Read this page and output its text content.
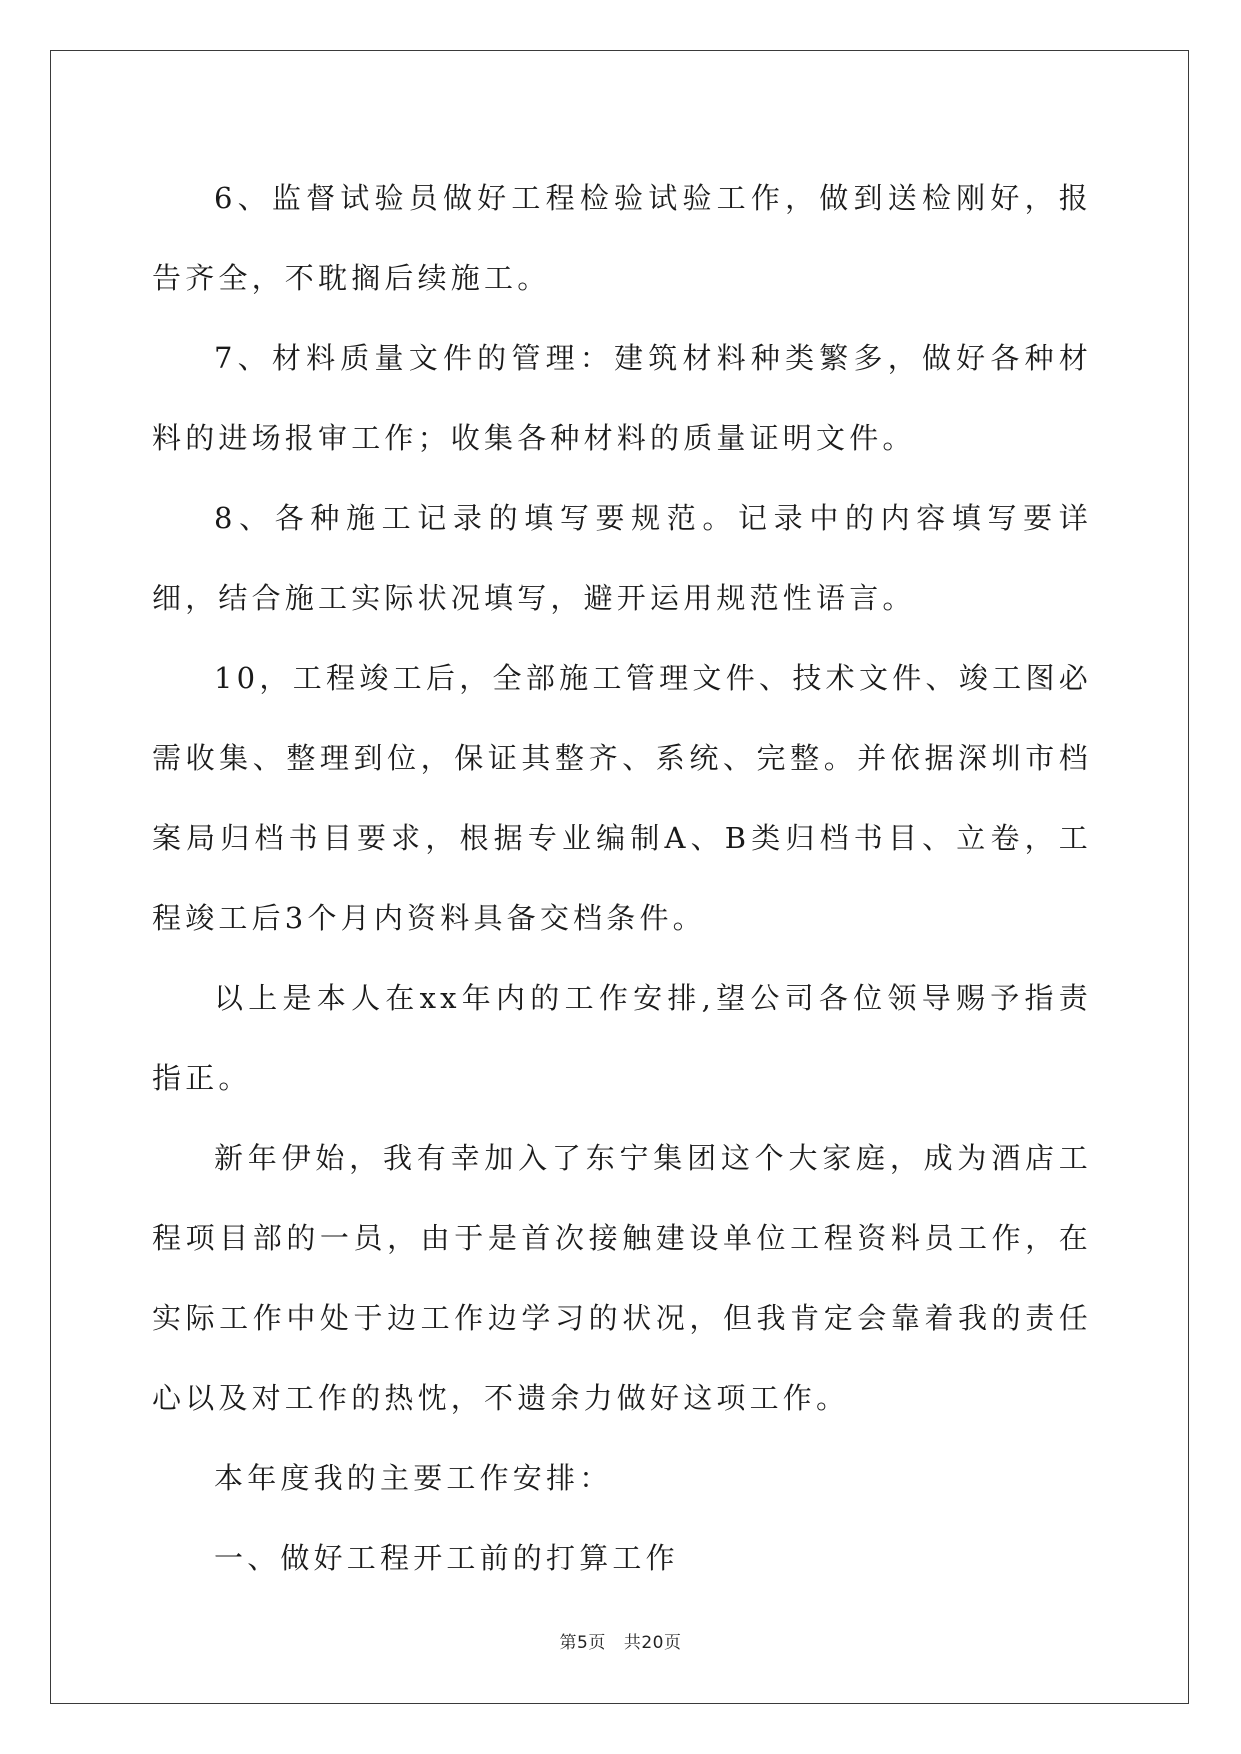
6、监督试验员做好工程检验试验工作，做到送检刚好，报告齐全，不耽搁后续施工。

7、材料质量文件的管理：建筑材料种类繁多，做好各种材料的进场报审工作；收集各种材料的质量证明文件。

8、各种施工记录的填写要规范。记录中的内容填写要详细，结合施工实际状况填写，避开运用规范性语言。

10，工程竣工后，全部施工管理文件、技术文件、竣工图必需收集、整理到位，保证其整齐、系统、完整。并依据深圳市档案局归档书目要求，根据专业编制A、B类归档书目、立卷，工程竣工后3个月内资料具备交档条件。

以上是本人在xx年内的工作安排,望公司各位领导赐予指责指正。

新年伊始，我有幸加入了东宁集团这个大家庭，成为酒店工程项目部的一员，由于是首次接触建设单位工程资料员工作，在实际工作中处于边工作边学习的状况，但我肯定会靠着我的责任心以及对工作的热忱，不遗余力做好这项工作。

本年度我的主要工作安排：

一、做好工程开工前的打算工作

第5页 共20页
